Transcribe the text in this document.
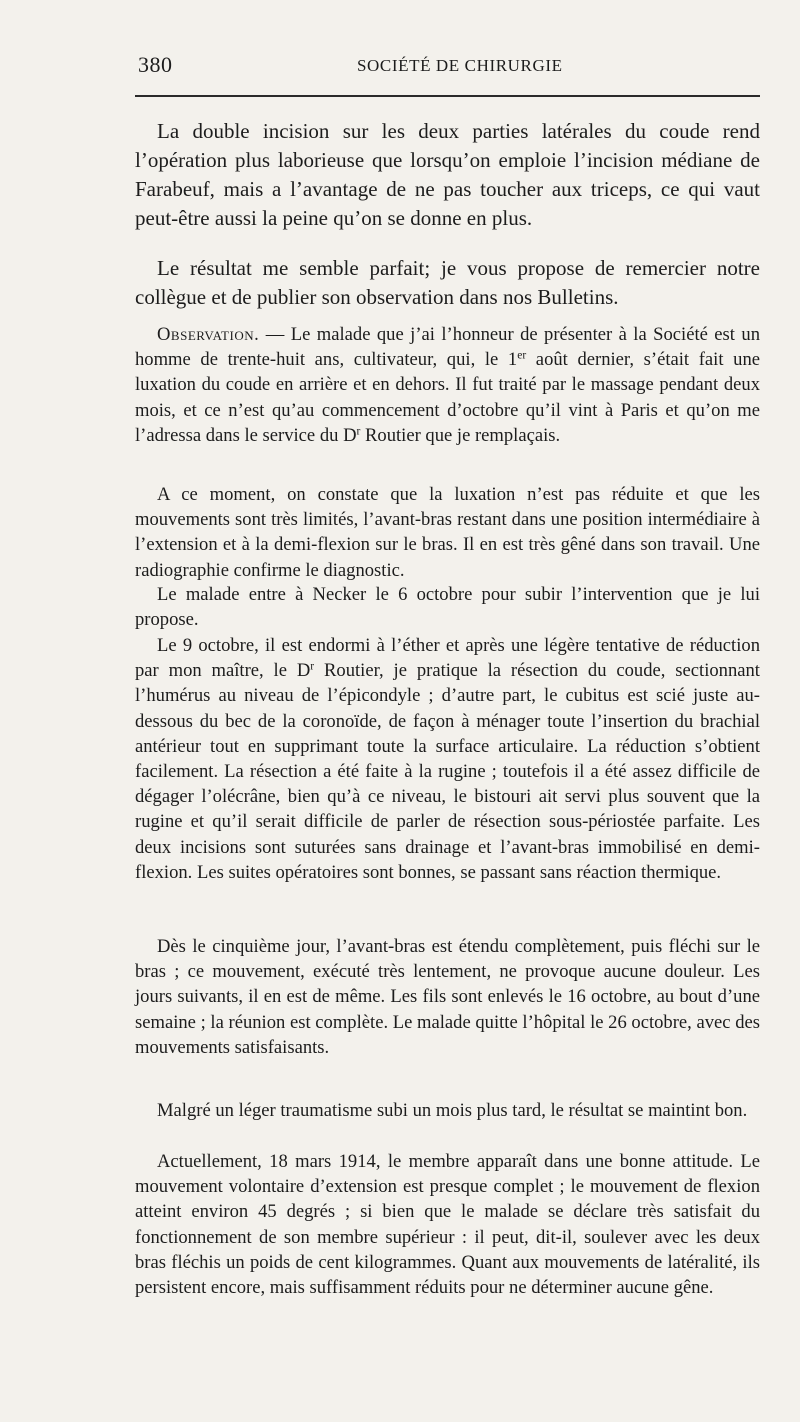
380	SOCIÉTÉ DE CHIRURGIE

La double incision sur les deux parties latérales du coude rend l’opération plus laborieuse que lorsqu’on emploie l’incision médiane de Farabeuf, mais a l’avantage de ne pas toucher aux triceps, ce qui vaut peut-être aussi la peine qu’on se donne en plus.

Le résultat me semble parfait; je vous propose de remercier notre collègue et de publier son observation dans nos Bulletins.

Observation. — Le malade que j’ai l’honneur de présenter à la Société est un homme de trente-huit ans, cultivateur, qui, le 1er août dernier, s’était fait une luxation du coude en arrière et en dehors. Il fut traité par le massage pendant deux mois, et ce n’est qu’au commencement d’octobre qu’il vint à Paris et qu’on me l’adressa dans le service du $D^r$ Routier que je remplaçais.

A ce moment, on constate que la luxation n’est pas réduite et que les mouvements sont très limités, l’avant-bras restant dans une position intermédiaire à l’extension et à la demi-flexion sur le bras. Il en est très gêné dans son travail. Une radiographie confirme le diagnostic.

Le malade entre à Necker le 6 octobre pour subir l’intervention que je lui propose.

Le 9 octobre, il est endormi à l’éther et après une légère tentative de réduction par mon maître, le $D^r$ Routier, je pratique la résection du coude, sectionnant l’humérus au niveau de l’épicondyle ; d’autre part, le cubitus est scié juste au-dessous du bec de la coronoïde, de façon à ménager toute l’insertion du brachial antérieur tout en supprimant toute la surface articulaire. La réduction s’obtient facilement. La résection a été faite à la rugine ; toutefois il a été assez difficile de dégager l’olécrâne, bien qu’à ce niveau, le bistouri ait servi plus souvent que la rugine et qu’il serait difficile de parler de résection sous-périostée parfaite. Les deux incisions sont suturées sans drainage et l’avant-bras immobilisé en demi-flexion. Les suites opératoires sont bonnes, se passant sans réaction thermique.

Dès le cinquième jour, l’avant-bras est étendu complètement, puis fléchi sur le bras ; ce mouvement, exécuté très lentement, ne provoque aucune douleur. Les jours suivants, il en est de même. Les fils sont enlevés le 16 octobre, au bout d’une semaine ; la réunion est complète. Le malade quitte l’hôpital le 26 octobre, avec des mouvements satisfaisants.

Malgré un léger traumatisme subi un mois plus tard, le résultat se maintint bon.

Actuellement, 18 mars 1914, le membre apparaît dans une bonne attitude. Le mouvement volontaire d’extension est presque complet ; le mouvement de flexion atteint environ 45 degrés ; si bien que le malade se déclare très satisfait du fonctionnement de son membre supérieur : il peut, dit-il, soulever avec les deux bras fléchis un poids de cent kilogrammes. Quant aux mouvements de latéralité, ils persistent encore, mais suffisamment réduits pour ne déterminer aucune gêne.
